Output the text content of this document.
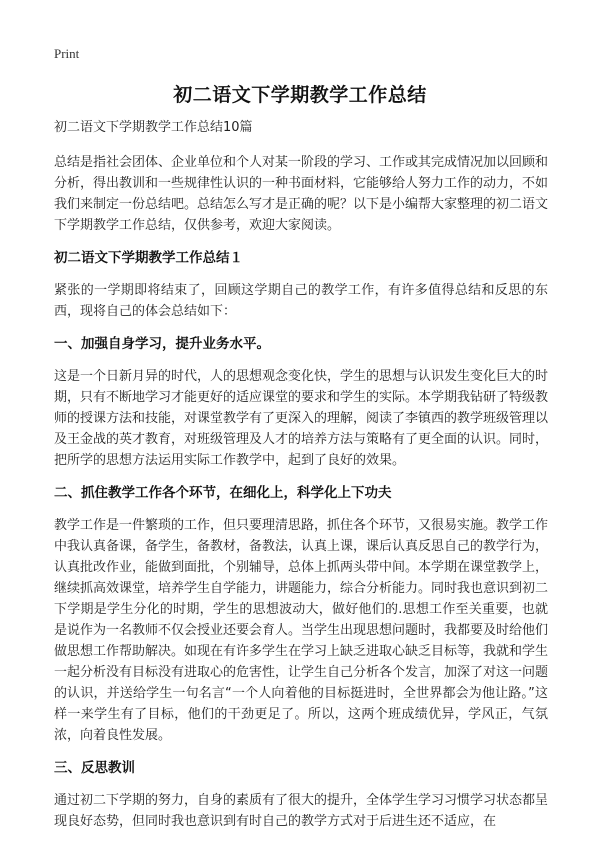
Print
初二语文下学期教学工作总结

初二语文下学期教学工作总结10篇

总结是指社会团体、企业单位和个人对某一阶段的学习、工作或其完成情况加以回顾和分析，得出教训和一些规律性认识的一种书面材料，它能够给人努力工作的动力，不如我们来制定一份总结吧。总结怎么写才是正确的呢？以下是小编帮大家整理的初二语文下学期教学工作总结，仅供参考，欢迎大家阅读。

初二语文下学期教学工作总结１

紧张的一学期即将结束了，回顾这学期自己的教学工作，有许多值得总结和反思的东西，现将自己的体会总结如下：

一、加强自身学习，提升业务水平。

这是一个日新月异的时代，人的思想观念变化快，学生的思想与认识发生变化巨大的时期，只有不断地学习才能更好的适应课堂的要求和学生的实际。本学期我钻研了特级教师的授课方法和技能，对课堂教学有了更深入的理解，阅读了李镇西的教学班级管理以及王金战的英才教育，对班级管理及人才的培养方法与策略有了更全面的认识。同时，把所学的思想方法运用实际工作教学中，起到了良好的效果。

二、抓住教学工作各个环节，在细化上，科学化上下功夫

教学工作是一件繁琐的工作，但只要理清思路，抓住各个环节，又很易实施。教学工作中我认真备课，备学生，备教材，备教法，认真上课，课后认真反思自己的教学行为，认真批改作业，能做到面批，个别辅导，总体上抓两头带中间。本学期在课堂教学上，继续抓高效课堂，培养学生自学能力，讲题能力，综合分析能力。同时我也意识到初二下学期是学生分化的时期，学生的思想波动大，做好他们的.思想工作至关重要，也就是说作为一名教师不仅会授业还要会育人。当学生出现思想问题时，我都要及时给他们做思想工作帮助解决。如现在有许多学生在学习上缺乏进取心缺乏目标等，我就和学生一起分析没有目标没有进取心的危害性，让学生自己分析各个发言，加深了对这一问题的认识，并送给学生一句名言“一个人向着他的目标挺进时，全世界都会为他让路。”这样一来学生有了目标，他们的干劲更足了。所以，这两个班成绩优异，学风正，气氛浓，向着良性发展。

三、反思教训

通过初二下学期的努力，自身的素质有了很大的提升，全体学生学习习惯学习状态都呈现良好态势，但同时我也意识到有时自己的教学方式对于后进生还不适应，在
